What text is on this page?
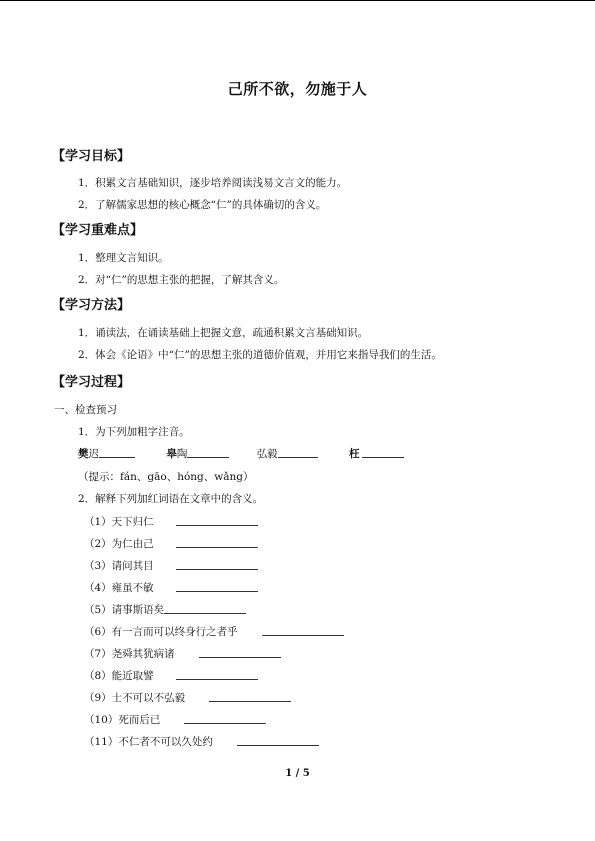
己所不欲，勿施于人
【学习目标】
1．积累文言基础知识，逐步培养阅读浅易文言文的能力。
2．了解儒家思想的核心概念“仁”的具体确切的含义。
【学习重难点】
1．整理文言知识。
2．对“仁”的思想主张的把握，了解其含义。
【学习方法】
1．诵读法，在诵读基础上把握文意，疏通积累文言基础知识。
2．体会《论语》中“仁”的思想主张的道德价值观，并用它来指导我们的生活。
【学习过程】
一、检查预习
1．为下列加粗字注音。
樊迟	皋陶	弘毅	枉
（提示：fán、gāo、hóng、wǎng）
2．解释下列加红词语在文章中的含义。
（1）天下归仁
（2）为仁由己
（3）请问其目
（4）雍虽不敏
（5）请事斯语矣
（6）有一言而可以终身行之者乎
（7）尧舜其犹病诸
（8）能近取譬
（9）士不可以不弘毅
（10）死而后已
（11）不仁者不可以久处约
1 / 5
